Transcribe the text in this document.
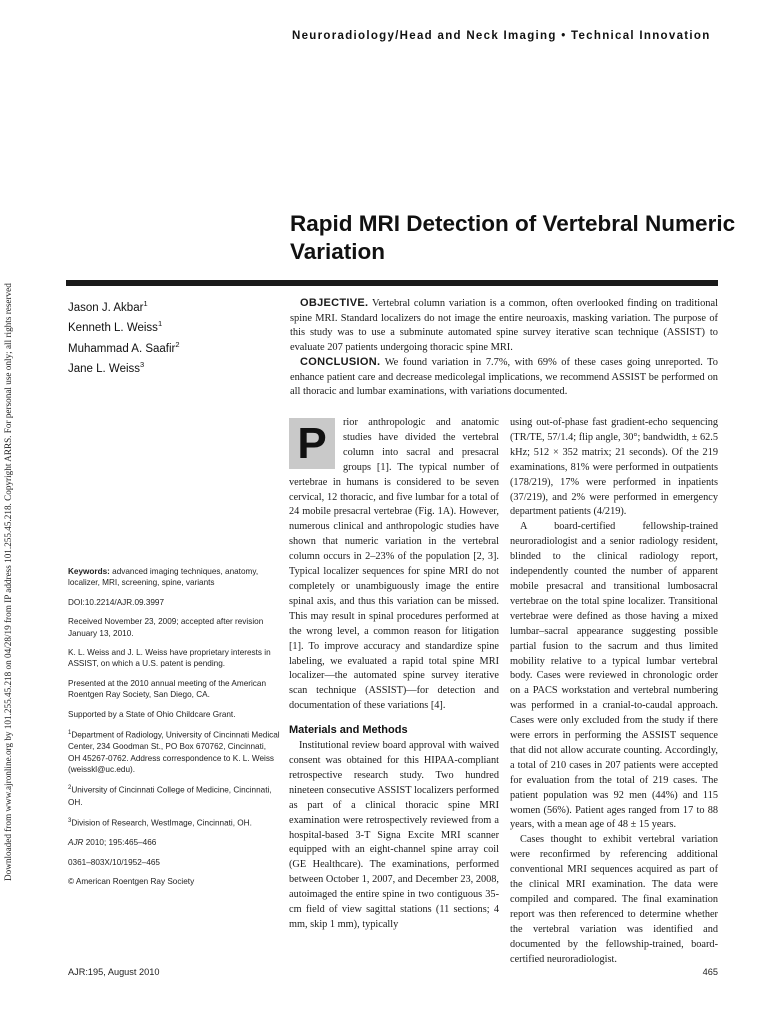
Neuroradiology/Head and Neck Imaging • Technical Innovation
Downloaded from www.ajronline.org by 101.255.45.218 on 04/28/19 from IP address 101.255.45.218. Copyright ARRS. For personal use only; all rights reserved
Rapid MRI Detection of Vertebral Numeric Variation
Jason J. Akbar$^1$
Kenneth L. Weiss$^1$
Muhammad A. Saafir$^2$
Jane L. Weiss$^3$

OBJECTIVE. Vertebral column variation is a common, often overlooked finding on traditional spine MRI. Standard localizers do not image the entire neuroaxis, masking variation. The purpose of this study was to use a subminute automated spine survey iterative scan technique (ASSIST) to evaluate 207 patients undergoing thoracic spine MRI.

CONCLUSION. We found variation in 7.7%, with 69% of these cases going unreported. To enhance patient care and decrease medicolegal implications, we recommend ASSIST be performed on all thoracic and lumbar examinations, with variations documented.

Keywords: advanced imaging techniques, anatomy, localizer, MRI, screening, spine, variants

DOI:10.2214/AJR.09.3997

Received November 23, 2009; accepted after revision January 13, 2010.

K. L. Weiss and J. L. Weiss have proprietary interests in ASSIST, on which a U.S. patent is pending.

Presented at the 2010 annual meeting of the American Roentgen Ray Society, San Diego, CA.

Supported by a State of Ohio Childcare Grant.

$^1$Department of Radiology, University of Cincinnati Medical Center, 234 Goodman St., PO Box 670762, Cincinnati, OH 45267-0762. Address correspondence to K. L. Weiss (weisskl@uc.edu).

$^2$University of Cincinnati College of Medicine, Cincinnati, OH.

$^3$Division of Research, WestImage, Cincinnati, OH.

AJR 2010; 195:465–466

0361–803X/10/1952–465

© American Roentgen Ray Society

P	rior anthropologic and anatomic studies have divided the vertebral column into sacral and presacral groups [1]. The typical number of vertebrae in humans is considered to be seven cervical, 12 thoracic, and five lumbar for a total of 24 mobile presacral vertebrae (Fig. 1A). However, numerous clinical and anthropologic studies have shown that numeric variation in the vertebral column occurs in 2–23% of the population [2, 3]. Typical localizer sequences for spine MRI do not completely or unambiguously image the entire spinal axis, and thus this variation can be missed. This may result in spinal procedures performed at the wrong level, a common reason for litigation [1]. To improve accuracy and standardize spine labeling, we evaluated a rapid total spine MRI localizer—the automated spine survey iterative scan technique (ASSIST)—for detection and documentation of these variations [4].

Materials and Methods

Institutional review board approval with waived consent was obtained for this HIPAA-compliant retrospective research study. Two hundred nineteen consecutive ASSIST localizers performed as part of a clinical thoracic spine MRI examination were retrospectively reviewed from a hospital-based 3-T Signa Excite MRI scanner equipped with an eight-channel spine array coil (GE Healthcare). The examinations, performed between October 1, 2007, and December 23, 2008, autoimaged the entire spine in two contiguous 35-cm field of view sagittal stations (11 sections; 4 mm, skip 1 mm), typically

using out-of-phase fast gradient-echo sequencing (TR/TE, 57/1.4; flip angle, 30°; bandwidth, ± 62.5 kHz; 512 × 352 matrix; 21 seconds). Of the 219 examinations, 81% were performed in outpatients (178/219), 17% were performed in inpatients (37/219), and 2% were performed in emergency department patients (4/219).

A board-certified fellowship-trained neuroradiologist and a senior radiology resident, blinded to the clinical radiology report, independently counted the number of apparent mobile presacral and transitional lumbosacral vertebrae on the total spine localizer. Transitional vertebrae were defined as those having a mixed lumbar–sacral appearance suggesting possible partial fusion to the sacrum and thus limited mobility relative to a typical lumbar vertebral body. Cases were reviewed in chronologic order on a PACS workstation and vertebral numbering was performed in a cranial-to-caudal approach. Cases were only excluded from the study if there were errors in performing the ASSIST sequence that did not allow accurate counting. Accordingly, a total of 210 cases in 207 patients were accepted for evaluation from the total of 219 cases. The patient population was 92 men (44%) and 115 women (56%). Patient ages ranged from 17 to 88 years, with a mean age of 48 ± 15 years.

Cases thought to exhibit vertebral variation were reconfirmed by referencing additional conventional MRI sequences acquired as part of the clinical MRI examination. The data were compiled and compared. The final examination report was then referenced to determine whether the vertebral variation was identified and documented by the fellowship-trained, board-certified neuroradiologist.

AJR:195, August 2010	465
